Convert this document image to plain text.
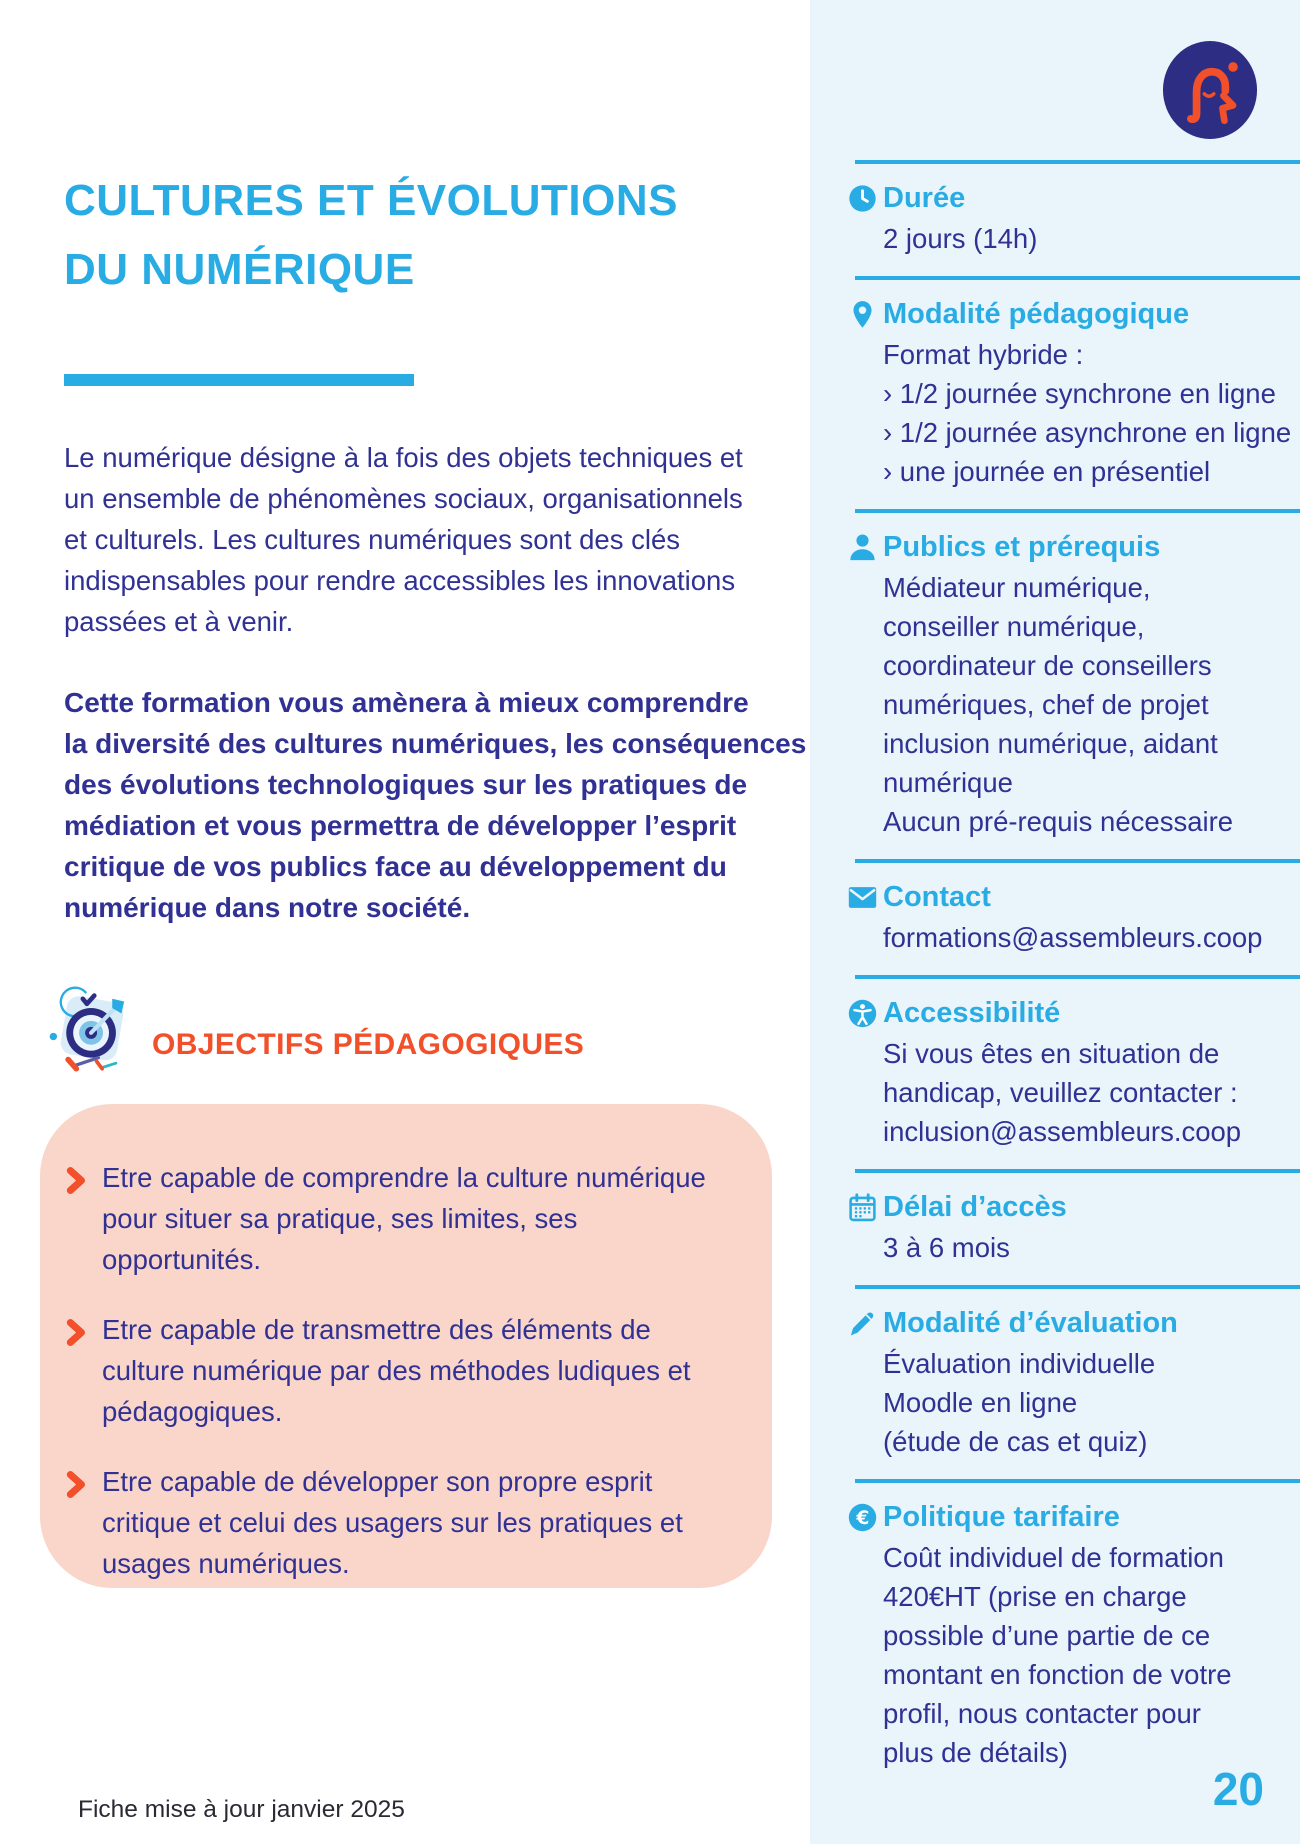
CULTURES ET ÉVOLUTIONS
DU NUMÉRIQUE
Le numérique désigne à la fois des objets techniques et
un ensemble de phénomènes sociaux, organisationnels
et culturels. Les cultures numériques sont des clés
indispensables pour rendre accessibles les innovations
passées et à venir.
Cette formation vous amènera à mieux comprendre
la diversité des cultures numériques, les conséquences
des évolutions technologiques sur les pratiques de
médiation et vous permettra de développer l’esprit
critique de vos publics face au développement du
numérique dans notre société.
OBJECTIFS PÉDAGOGIQUES
Etre capable de comprendre la culture numérique
pour situer sa pratique, ses limites, ses
opportunités.
Etre capable de transmettre des éléments de
culture numérique par des méthodes ludiques et
pédagogiques.
Etre capable de développer son propre esprit
critique et celui des usagers sur les pratiques et
usages numériques.
Fiche mise à jour janvier 2025
Durée
2 jours (14h)
Modalité pédagogique
Format hybride :
› 1/2 journée synchrone en ligne
› 1/2 journée asynchrone en ligne
› une journée en présentiel
Publics et prérequis
Médiateur numérique,
conseiller numérique,
coordinateur de conseillers
numériques, chef de projet
inclusion numérique, aidant
numérique
Aucun pré-requis nécessaire
Contact
formations@assembleurs.coop
Accessibilité
Si vous êtes en situation de
handicap, veuillez contacter :
inclusion@assembleurs.coop
Délai d’accès
3 à 6 mois
Modalité d’évaluation
Évaluation individuelle
Moodle en ligne
(étude de cas et quiz)
€ Politique tarifaire
Coût individuel de formation
420€HT (prise en charge
possible d’une partie de ce
montant en fonction de votre
profil, nous contacter pour
plus de détails)
20
